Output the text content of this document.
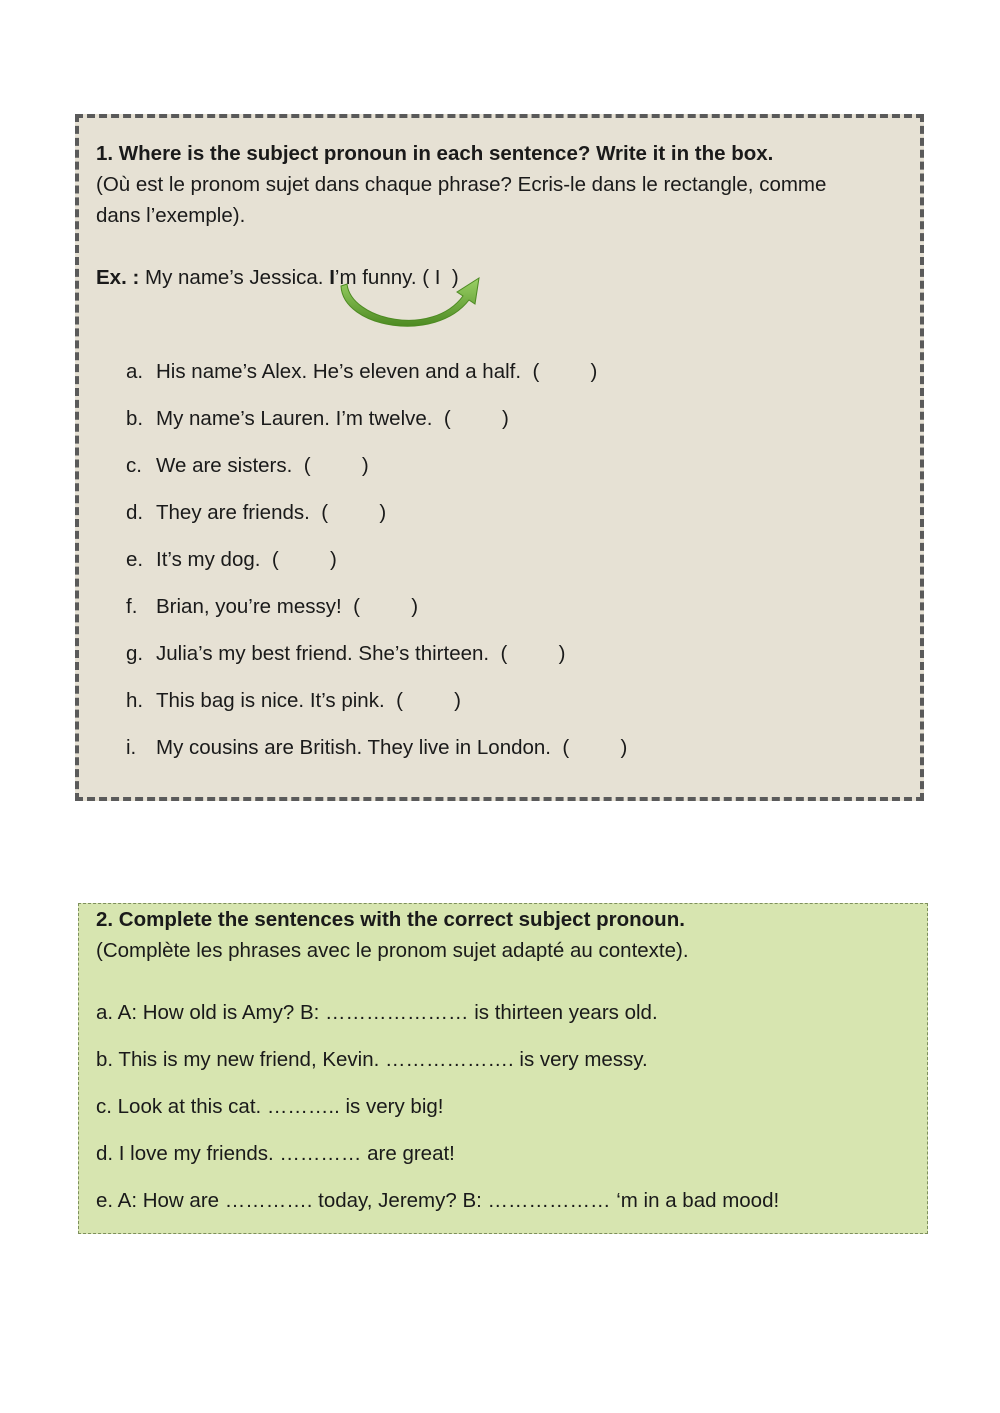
1. Where is the subject pronoun in each sentence? Write it in the box.
(Où est le pronom sujet dans chaque phrase? Ecris-le dans le rectangle, comme
dans l’exemple).
Ex. : My name’s Jessica. I’m funny. ( I  )
a. His name’s Alex. He’s eleven and a half. (         )
b. My name’s Lauren. I’m twelve. (         )
c. We are sisters. (         )
d. They are friends. (         )
e. It’s my dog. (         )
f. Brian, you’re messy! (         )
g. Julia’s my best friend. She’s thirteen. (         )
h. This bag is nice. It’s pink. (         )
i. My cousins are British. They live in London. (         )
2. Complete the sentences with the correct subject pronoun.
(Complète les phrases avec le pronom sujet adapté au contexte).
a. A: How old is Amy? B: ………………… is thirteen years old.
b. This is my new friend, Kevin. ………………. is very messy.
c. Look at this cat. ……….. is very big!
d. I love my friends. ………… are great!
e. A: How are …………. today, Jeremy? B: ……………… ‘m in a bad mood!
